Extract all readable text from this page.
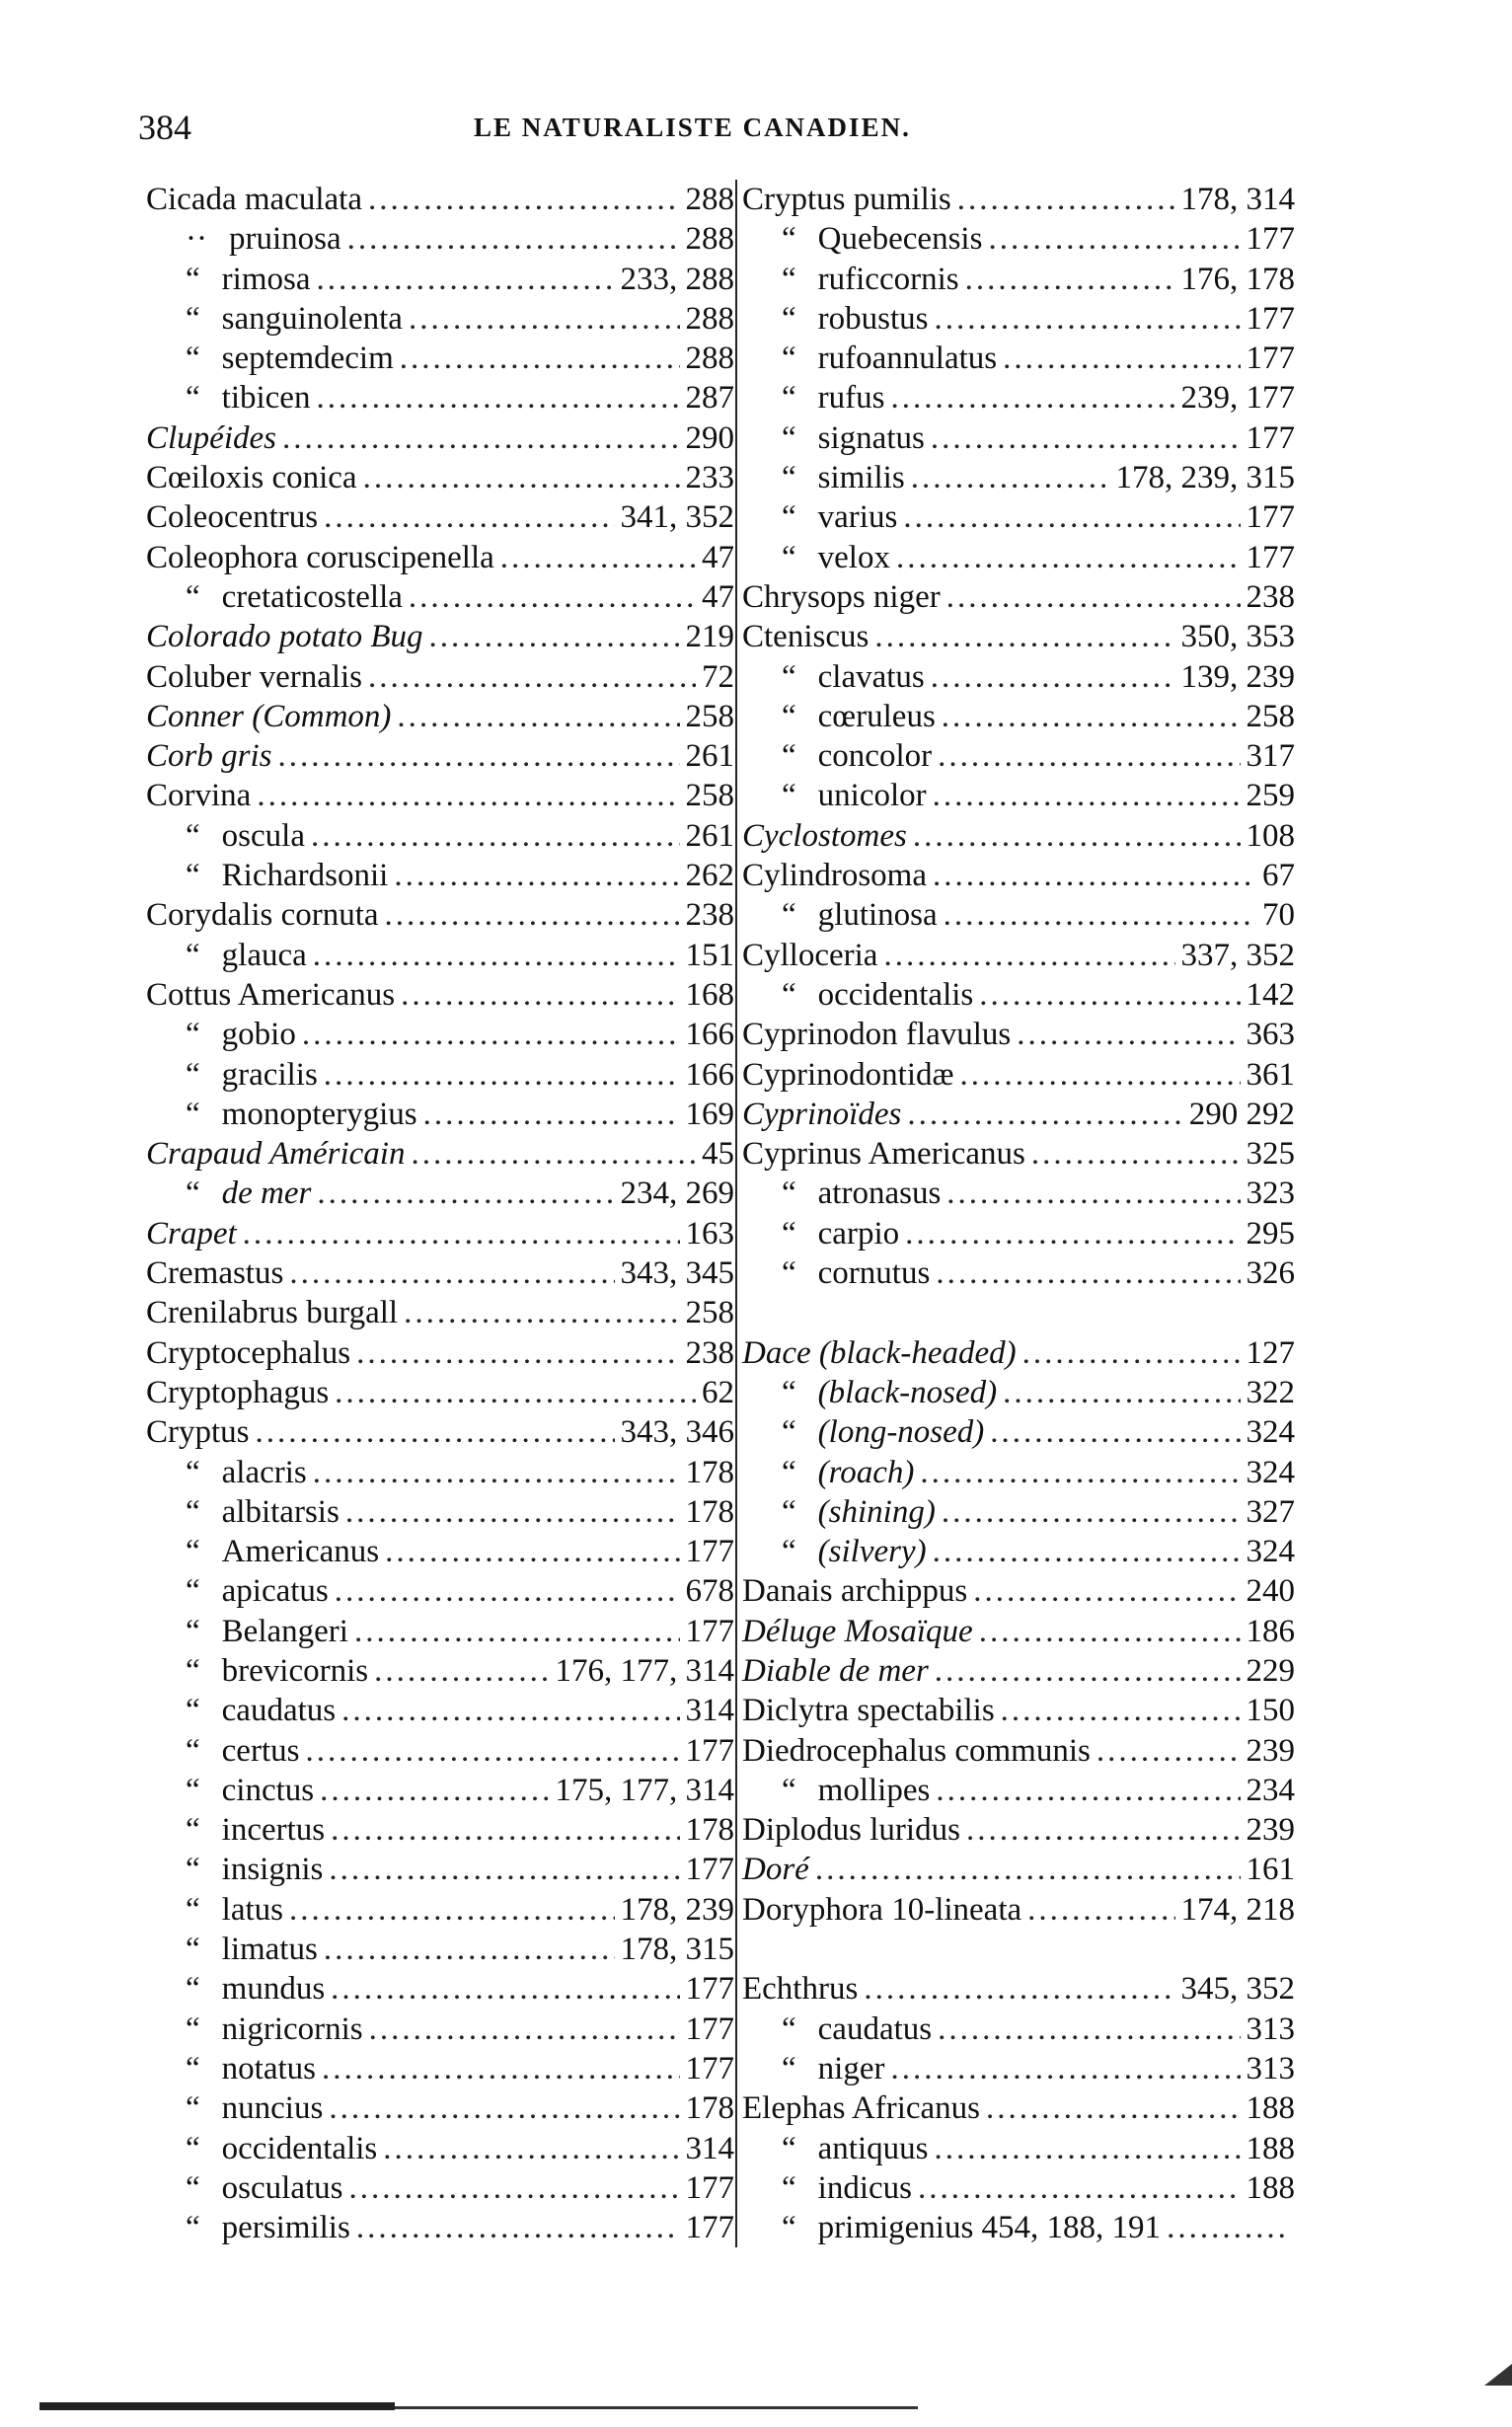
384	LE NATURALISTE CANADIEN.
Cicada maculata .....	288
·· pruinosa .....	288
“ rimosa .....	233, 288
“ sanguinolenta .....	288
“ septemdecim .....	288
“ tibicen .....	287
Clupéides .....	290
Cœiloxis conica .....	233
Coleocentrus .....	341, 352
Coleophora coruscipenella .....	47
“ cretaticostella .....	47
Colorado potato Bug .....	219
Coluber vernalis .....	72
Conner (Common) .....	258
Corb gris .....	261
Corvina .....	258
“ oscula .....	261
“ Richardsonii .....	262
Corydalis cornuta .....	238
“ glauca .....	151
Cottus Americanus .....	168
“ gobio .....	166
“ gracilis .....	166
“ monopterygius .....	169
Crapaud Américain .....	45
“ de mer .....	234, 269
Crapet .....	163
Cremastus .....	343, 345
Crenilabrus burgall .....	258
Cryptocephalus .....	238
Cryptophagus .....	62
Cryptus .....	343, 346
“ alacris .....	178
“ albitarsis .....	178
“ Americanus .....	177
“ apicatus .....	678
“ Belangeri .....	177
“ brevicornis .....	176, 177, 314
“ caudatus .....	314
“ certus .....	177
“ cinctus .....	175, 177, 314
“ incertus .....	178
“ insignis .....	177
“ latus .....	178, 239
“ limatus .....	178, 315
“ mundus .....	177
“ nigricornis .....	177
“ notatus .....	177
“ nuncius .....	178
“ occidentalis .....	314
“ osculatus .....	177
“ persimilis .....	177
Cryptus pumilis .....	178, 314
“ Quebecensis .....	177
“ ruficcornis .....	176, 178
“ robustus .....	177
“ rufoannulatus .....	177
“ rufus .....	239, 177
“ signatus .....	177
“ similis .....	178, 239, 315
“ varius .....	177
“ velox .....	177
Chrysops niger .....	238
Cteniscus .....	350, 353
“ clavatus .....	139, 239
“ cœruleus .....	258
“ concolor .....	317
“ unicolor .....	259
Cyclostomes .....	108
Cylindrosoma .....	67
“ glutinosa .....	70
Cylloceria .....	337, 352
“ occidentalis .....	142
Cyprinodon flavulus .....	363
Cyprinodontidæ .....	361
Cyprinoïdes .....	290 292
Cyprinus Americanus .....	325
“ atronasus .....	323
“ carpio .....	295
“ cornutus .....	326
Dace (black-headed) .....	127
“ (black-nosed) .....	322
“ (long-nosed) .....	324
“ (roach) .....	324
“ (shining) .....	327
“ (silvery) .....	324
Danais archippus .....	240
Déluge Mosaïque .....	186
Diable de mer .....	229
Diclytra spectabilis .....	150
Diedrocephalus communis .....	239
“ mollipes .....	234
Diplodus luridus .....	239
Doré .....	161
Doryphora 10-lineata .....	174, 218
Echthrus .....	345, 352
“ caudatus .....	313
“ niger .....	313
Elephas Africanus .....	188
“ antiquus .....	188
“ indicus .....	188
“ primigenius 454, 188, 191
.....
